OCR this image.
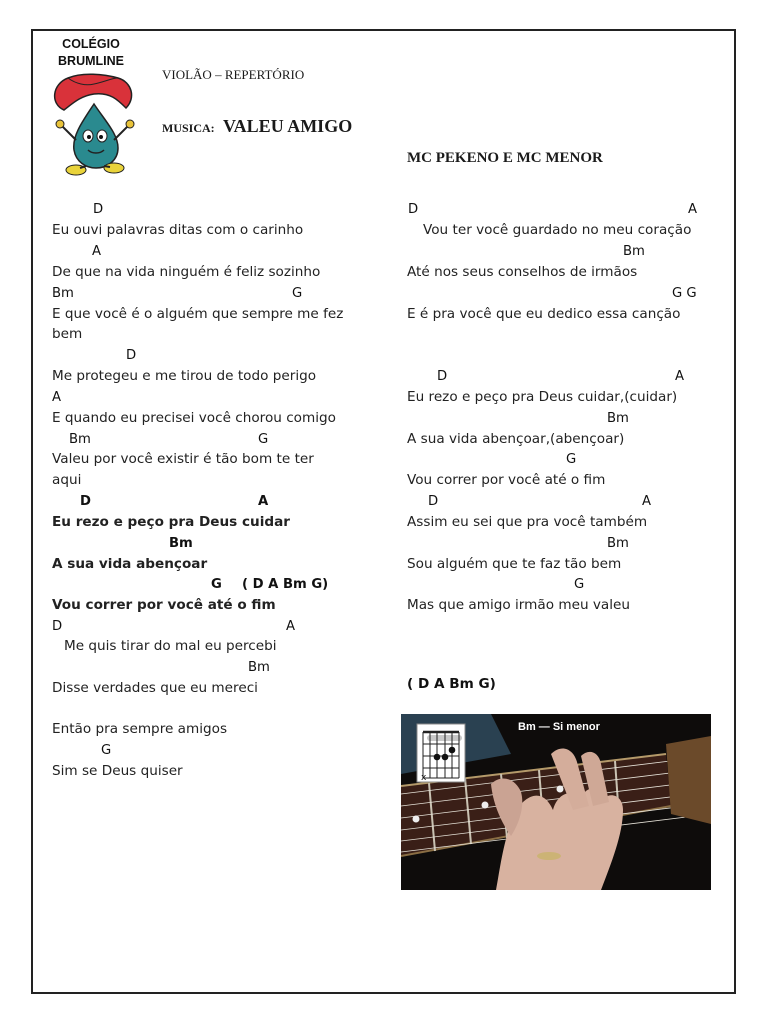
COLÉGIO
BRUMLINE
VIOLÃO – REPERTÓRIO
MUSICA: VALEU AMIGO
MC PEKENO E MC MENOR
D
Eu ouvi palavras ditas com o carinho
A
De que na vida ninguém é feliz sozinho
Bm	G
E que você é o alguém que sempre me fez
bem
D
Me protegeu e me tirou de todo perigo
A
E quando eu precisei você chorou comigo
Bm	G
Valeu por você existir é tão bom te ter
aqui
D	A
Eu rezo e peço pra Deus cuidar
Bm
A sua vida abençoar
G ( D A Bm G)
Vou correr por você até o fim
D	A
Me quis tirar do mal eu percebi
Bm
Disse verdades que eu mereci
Então pra sempre amigos
G
Sim se Deus quiser
D	A
Vou ter você guardado no meu coração
Bm
Até nos seus conselhos de irmãos
G G
E é pra você que eu dedico essa canção
D	A
Eu rezo e peço pra Deus cuidar,(cuidar)
Bm
A sua vida abençoar,(abençoar)
G
Vou correr por você até o fim
D	A
Assim eu sei que pra você também
Bm
Sou alguém que te faz tão bem
G
Mas que amigo irmão meu valeu
( D A Bm G)
x
Bm — Si menor
